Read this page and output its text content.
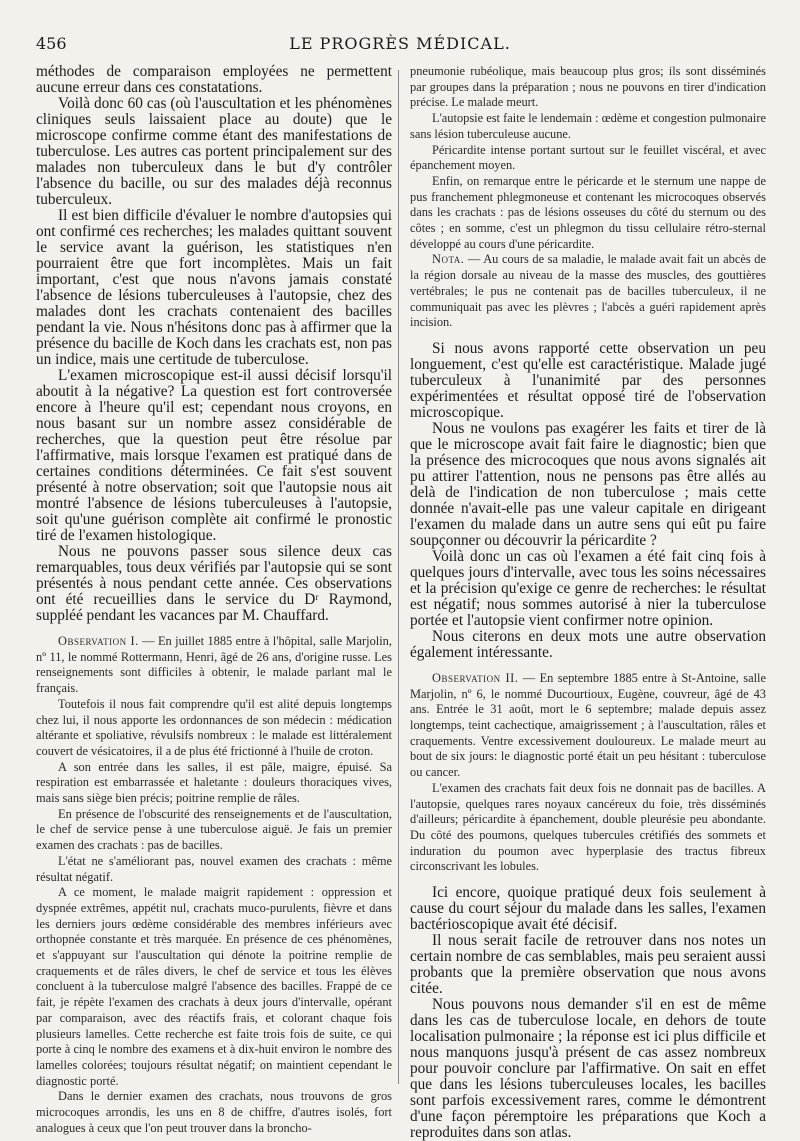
456	LE PROGRÈS MÉDICAL.

méthodes de comparaison employées ne permettent aucune erreur dans ces constatations.

Voilà donc 60 cas (où l'auscultation et les phénomènes cliniques seuls laissaient place au doute) que le microscope confirme comme étant des manifestations de tuberculose. Les autres cas portent principalement sur des malades non tuberculeux dans le but d'y contrôler l'absence du bacille, ou sur des malades déjà reconnus tuberculeux.

Il est bien difficile d'évaluer le nombre d'autopsies qui ont confirmé ces recherches; les malades quittant souvent le service avant la guérison, les statistiques n'en pourraient être que fort incomplètes. Mais un fait important, c'est que nous n'avons jamais constaté l'absence de lésions tuberculeuses à l'autopsie, chez des malades dont les crachats contenaient des bacilles pendant la vie. Nous n'hésitons donc pas à affirmer que la présence du bacille de Koch dans les crachats est, non pas un indice, mais une certitude de tuberculose.

L'examen microscopique est-il aussi décisif lorsqu'il aboutit à la négative? La question est fort controversée encore à l'heure qu'il est; cependant nous croyons, en nous basant sur un nombre assez considérable de recherches, que la question peut être résolue par l'affirmative, mais lorsque l'examen est pratiqué dans de certaines conditions déterminées. Ce fait s'est souvent présenté à notre observation; soit que l'autopsie nous ait montré l'absence de lésions tuberculeuses à l'autopsie, soit qu'une guérison complète ait confirmé le pronostic tiré de l'examen histologique.

Nous ne pouvons passer sous silence deux cas remarquables, tous deux vérifiés par l'autopsie qui se sont présentés à nous pendant cette année. Ces observations ont été recueillies dans le service du Dʳ Raymond, suppléé pendant les vacances par M. Chauffard.

Observation I. — En juillet 1885 entre à l'hôpital, salle Marjolin, nº 11, le nommé Rottermann, Henri, âgé de 26 ans, d'origine russe. Les renseignements sont difficiles à obtenir, le malade parlant mal le français.

Toutefois il nous fait comprendre qu'il est alité depuis longtemps chez lui, il nous apporte les ordonnances de son médecin : médication altérante et spoliative, révulsifs nombreux : le malade est littéralement couvert de vésicatoires, il a de plus été frictionné à l'huile de croton.

A son entrée dans les salles, il est pâle, maigre, épuisé. Sa respiration est embarrassée et haletante : douleurs thoraciques vives, mais sans siège bien précis; poitrine remplie de râles.

En présence de l'obscurité des renseignements et de l'auscultation, le chef de service pense à une tuberculose aiguë. Je fais un premier examen des crachats : pas de bacilles.

L'état ne s'améliorant pas, nouvel examen des crachats : même résultat négatif.

A ce moment, le malade maigrit rapidement : oppression et dyspnée extrêmes, appétit nul, crachats muco-purulents, fièvre et dans les derniers jours œdème considérable des membres inférieurs avec orthopnée constante et très marquée. En présence de ces phénomènes, et s'appuyant sur l'auscultation qui dénote la poitrine remplie de craquements et de râles divers, le chef de service et tous les élèves concluent à la tuberculose malgré l'absence des bacilles. Frappé de ce fait, je répète l'examen des crachats à deux jours d'intervalle, opérant par comparaison, avec des réactifs frais, et colorant chaque fois plusieurs lamelles. Cette recherche est faite trois fois de suite, ce qui porte à cinq le nombre des examens et à dix-huit environ le nombre des lamelles colorées; toujours résultat négatif; on maintient cependant le diagnostic porté.

Dans le dernier examen des crachats, nous trouvons de gros microcoques arrondis, les uns en 8 de chiffre, d'autres isolés, fort analogues à ceux que l'on peut trouver dans la broncho-

pneumonie rubéolique, mais beaucoup plus gros; ils sont disséminés par groupes dans la préparation ; nous ne pouvons en tirer d'indication précise. Le malade meurt.

L'autopsie est faite le lendemain : œdème et congestion pulmonaire sans lésion tuberculeuse aucune.

Péricardite intense portant surtout sur le feuillet viscéral, et avec épanchement moyen.

Enfin, on remarque entre le péricarde et le sternum une nappe de pus franchement phlegmoneuse et contenant les microcoques observés dans les crachats : pas de lésions osseuses du côté du sternum ou des côtes ; en somme, c'est un phlegmon du tissu cellulaire rétro-sternal développé au cours d'une péricardite.

Nota. — Au cours de sa maladie, le malade avait fait un abcès de la région dorsale au niveau de la masse des muscles, des gouttières vertébrales; le pus ne contenait pas de bacilles tuberculeux, il ne communiquait pas avec les plèvres ; l'abcès a guéri rapidement après incision.

Si nous avons rapporté cette observation un peu longuement, c'est qu'elle est caractéristique. Malade jugé tuberculeux à l'unanimité par des personnes expérimentées et résultat opposé tiré de l'observation microscopique.

Nous ne voulons pas exagérer les faits et tirer de là que le microscope avait fait faire le diagnostic; bien que la présence des microcoques que nous avons signalés ait pu attirer l'attention, nous ne pensons pas être allés au delà de l'indication de non tuberculose ; mais cette donnée n'avait-elle pas une valeur capitale en dirigeant l'examen du malade dans un autre sens qui eût pu faire soupçonner ou découvrir la péricardite ?

Voilà donc un cas où l'examen a été fait cinq fois à quelques jours d'intervalle, avec tous les soins nécessaires et la précision qu'exige ce genre de recherches: le résultat est négatif; nous sommes autorisé à nier la tuberculose portée et l'autopsie vient confirmer notre opinion.

Nous citerons en deux mots une autre observation également intéressante.

Observation II. — En septembre 1885 entre à St-Antoine, salle Marjolin, nº 6, le nommé Ducourtioux, Eugène, couvreur, âgé de 43 ans. Entrée le 31 août, mort le 6 septembre; malade depuis assez longtemps, teint cachectique, amaigrissement ; à l'auscultation, râles et craquements. Ventre excessivement douloureux. Le malade meurt au bout de six jours: le diagnostic porté était un peu hésitant : tuberculose ou cancer.

L'examen des crachats fait deux fois ne donnait pas de bacilles. A l'autopsie, quelques rares noyaux cancéreux du foie, très disséminés d'ailleurs; péricardite à épanchement, double pleurésie peu abondante. Du côté des poumons, quelques tubercules crétifiés des sommets et induration du poumon avec hyperplasie des tractus fibreux circonscrivant les lobules.

Ici encore, quoique pratiqué deux fois seulement à cause du court séjour du malade dans les salles, l'examen bactérioscopique avait été décisif.

Il nous serait facile de retrouver dans nos notes un certain nombre de cas semblables, mais peu seraient aussi probants que la première observation que nous avons citée.

Nous pouvons nous demander s'il en est de même dans les cas de tuberculose locale, en dehors de toute localisation pulmonaire ; la réponse est ici plus difficile et nous manquons jusqu'à présent de cas assez nombreux pour pouvoir conclure par l'affirmative. On sait en effet que dans les lésions tuberculeuses locales, les bacilles sont parfois excessivement rares, comme le démontrent d'une façon péremptoire les préparations que Koch a reproduites dans son atlas.
